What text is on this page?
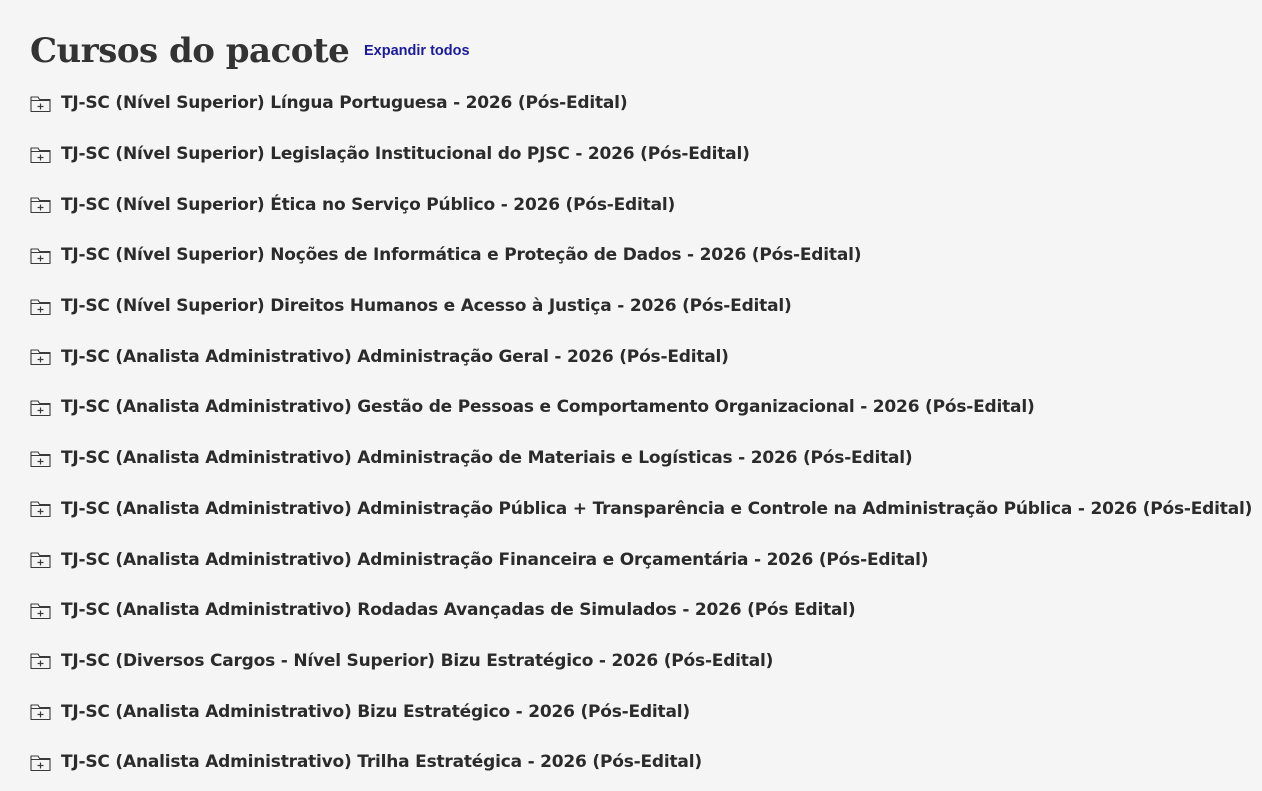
Cursos do pacote Expandir todos
TJ-SC (Nível Superior) Língua Portuguesa - 2026 (Pós-Edital)
TJ-SC (Nível Superior) Legislação Institucional do PJSC - 2026 (Pós-Edital)
TJ-SC (Nível Superior) Ética no Serviço Público - 2026 (Pós-Edital)
TJ-SC (Nível Superior) Noções de Informática e Proteção de Dados - 2026 (Pós-Edital)
TJ-SC (Nível Superior) Direitos Humanos e Acesso à Justiça - 2026 (Pós-Edital)
TJ-SC (Analista Administrativo) Administração Geral - 2026 (Pós-Edital)
TJ-SC (Analista Administrativo) Gestão de Pessoas e Comportamento Organizacional - 2026 (Pós-Edital)
TJ-SC (Analista Administrativo) Administração de Materiais e Logísticas - 2026 (Pós-Edital)
TJ-SC (Analista Administrativo) Administração Pública + Transparência e Controle na Administração Pública - 2026 (Pós-Edital)
TJ-SC (Analista Administrativo) Administração Financeira e Orçamentária - 2026 (Pós-Edital)
TJ-SC (Analista Administrativo) Rodadas Avançadas de Simulados - 2026 (Pós Edital)
TJ-SC (Diversos Cargos - Nível Superior) Bizu Estratégico - 2026 (Pós-Edital)
TJ-SC (Analista Administrativo) Bizu Estratégico - 2026 (Pós-Edital)
TJ-SC (Analista Administrativo) Trilha Estratégica - 2026 (Pós-Edital)
